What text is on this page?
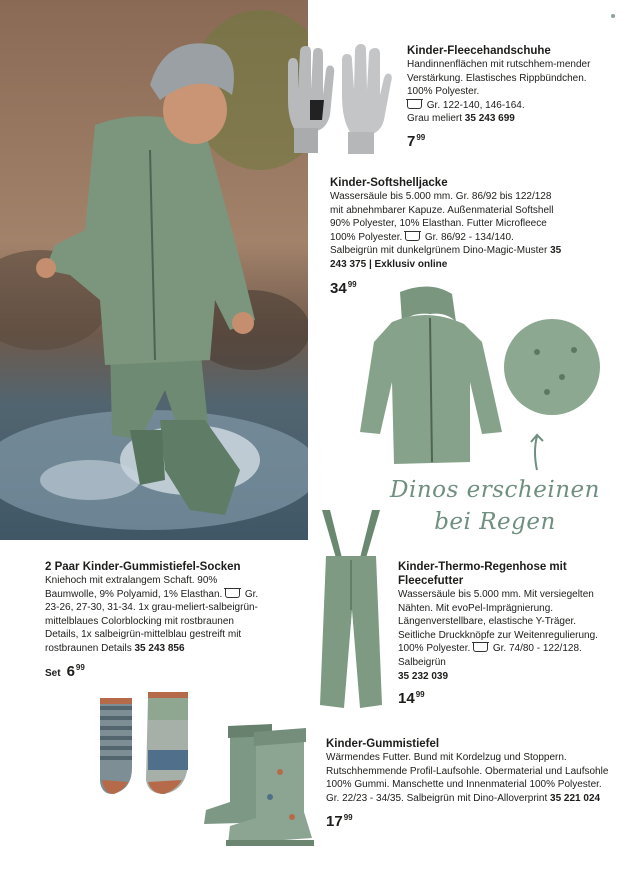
Kinder-Fleecehandschuhe
Handinnenflächen mit rutschhem-mender Verstärkung. Elastisches Rippbündchen. 100% Polyester.
Gr. 122-140, 146-164.
Grau meliert 35 243 699
$7^{99}$
Kinder-Softshelljacke
Wassersäule bis 5.000 mm. Gr. 86/92 bis 122/128 mit abnehmbarer Kapuze. Außenmaterial Softshell 90% Polyester, 10% Elasthan. Futter Microfleece 100% Polyester. Gr. 86/92 - 134/140. Salbeigrün mit dunkelgrünem Dino-Magic-Muster 35 243 375 | Exklusiv online
$34^{99}$
Dinos erscheinen
bei Regen
2 Paar Kinder-Gummistiefel-Socken
Kniehoch mit extralangem Schaft. 90% Baumwolle, 9% Polyamid, 1% Elasthan. Gr. 23-26, 27-30, 31-34. 1x grau-meliert-salbeigrün-mittelblaues Colorblocking mit rostbraunen Details, 1x salbeigrün-mittelblau gestreift mit rostbraunen Details 35 243 856
Set $6^{99}$
Kinder-Thermo-Regenhose mit Fleecefutter
Wassersäule bis 5.000 mm. Mit versiegelten Nähten. Mit evoPel-Imprägnierung. Längenverstellbare, elastische Y-Träger. Seitliche Druckknöpfe zur Weitenregulierung. 100% Polyester. Gr. 74/80 - 122/128. Salbeigrün
35 232 039
$14^{99}$
Kinder-Gummistiefel
Wärmendes Futter. Bund mit Kordelzug und Stoppern. Rutschhemmende Profil-Laufsohle. Obermaterial und Laufsohle 100% Gummi. Manschette und Innenmaterial 100% Polyester. Gr. 22/23 - 34/35. Salbeigrün mit Dino-Alloverprint 35 221 024
$17^{99}$
